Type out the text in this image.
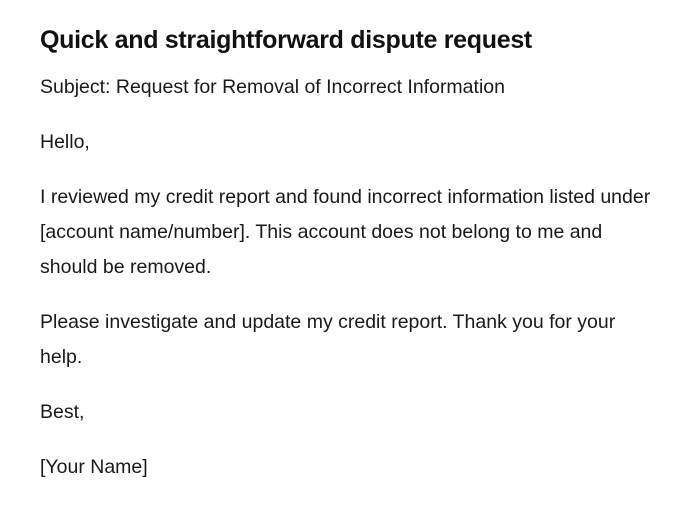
Quick and straightforward dispute request

Subject: Request for Removal of Incorrect Information

Hello,

I reviewed my credit report and found incorrect information listed under [account name/number]. This account does not belong to me and should be removed.

Please investigate and update my credit report. Thank you for your help.

Best,

[Your Name]
